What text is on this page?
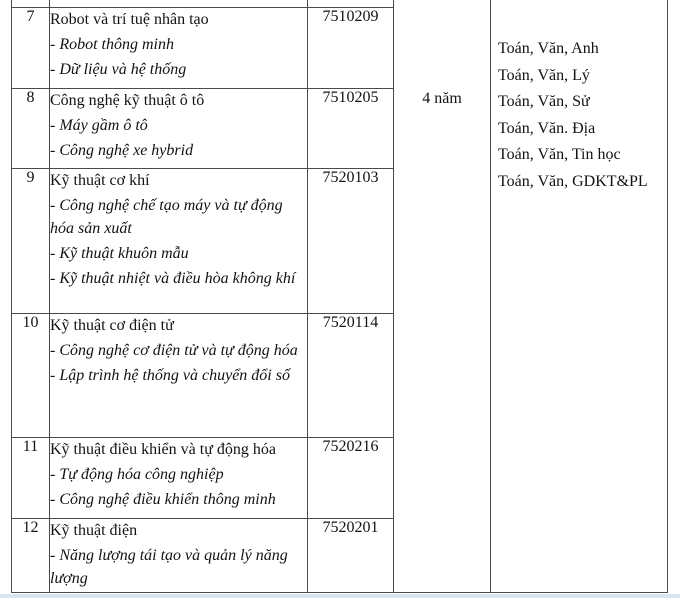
4 năm

Toán, Văn, Anh
Toán, Văn, Lý
Toán, Văn, Sử
Toán, Văn. Địa
Toán, Văn, Tin học
Toán, Văn, GDKT&PL

7	Robot và trí tuệ nhân tạo
- Robot thông minh
- Dữ liệu và hệ thống	7510209		
8	Công nghệ kỹ thuật ô tô
- Máy gầm ô tô
- Công nghệ xe hybrid	7510205		
9	Kỹ thuật cơ khí
- Công nghệ chế tạo máy và tự động hóa sản xuất
- Kỹ thuật khuôn mẫu
- Kỹ thuật nhiệt và điều hòa không khí	7520103		
10	Kỹ thuật cơ điện tử
- Công nghệ cơ điện tử và tự động hóa
- Lập trình hệ thống và chuyển đổi số	7520114		
11	Kỹ thuật điều khiển và tự động hóa
- Tự động hóa công nghiệp
- Công nghệ điều khiển thông minh	7520216		
12	Kỹ thuật điện
- Năng lượng tái tạo và quản lý năng lượng	7520201		
